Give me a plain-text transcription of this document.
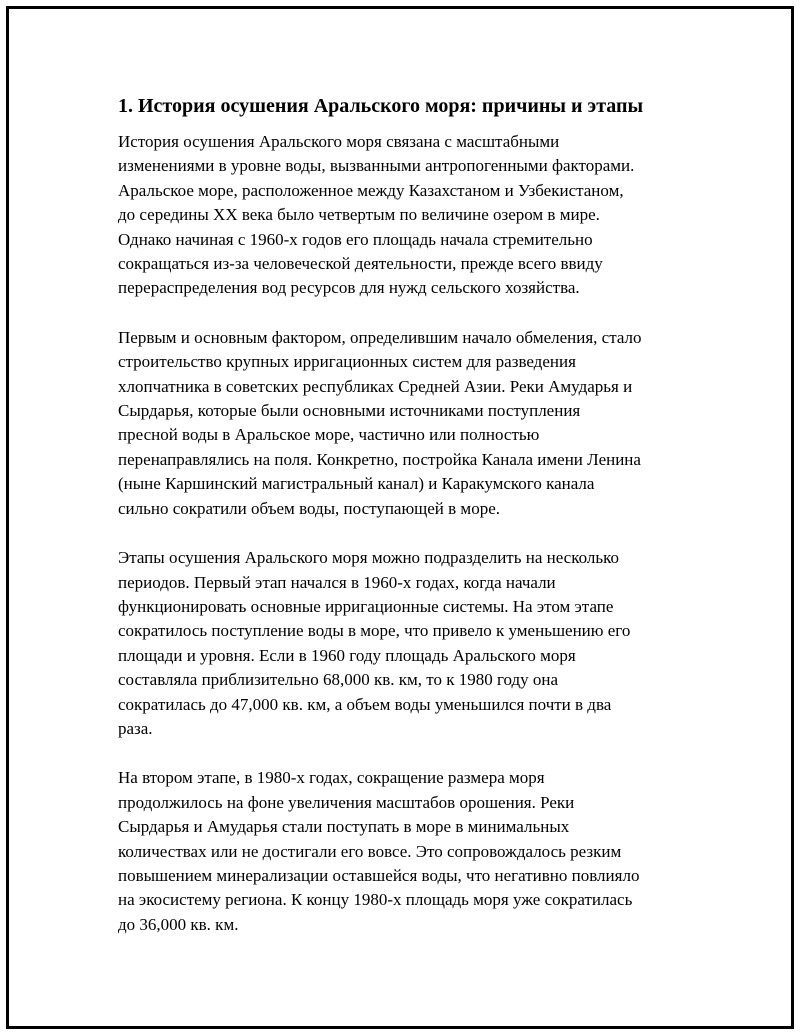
1. История осушения Аральского моря: причины и этапы
История осушения Аральского моря связана с масштабными
изменениями в уровне воды, вызванными антропогенными факторами.
Аральское море, расположенное между Казахстаном и Узбекистаном,
до середины XX века было четвертым по величине озером в мире.
Однако начиная с 1960-х годов его площадь начала стремительно
сокращаться из-за человеческой деятельности, прежде всего ввиду
перераспределения вод ресурсов для нужд сельского хозяйства.
Первым и основным фактором, определившим начало обмеления, стало
строительство крупных ирригационных систем для разведения
хлопчатника в советских республиках Средней Азии. Реки Амударья и
Сырдарья, которые были основными источниками поступления
пресной воды в Аральское море, частично или полностью
перенаправлялись на поля. Конкретно, постройка Канала имени Ленина
(ныне Каршинский магистральный канал) и Каракумского канала
сильно сократили объем воды, поступающей в море.
Этапы осушения Аральского моря можно подразделить на несколько
периодов. Первый этап начался в 1960-х годах, когда начали
функционировать основные ирригационные системы. На этом этапе
сократилось поступление воды в море, что привело к уменьшению его
площади и уровня. Если в 1960 году площадь Аральского моря
составляла приблизительно 68,000 кв. км, то к 1980 году она
сократилась до 47,000 кв. км, а объем воды уменьшился почти в два
раза.
На втором этапе, в 1980-х годах, сокращение размера моря
продолжилось на фоне увеличения масштабов орошения. Реки
Сырдарья и Амударья стали поступать в море в минимальных
количествах или не достигали его вовсе. Это сопровождалось резким
повышением минерализации оставшейся воды, что негативно повлияло
на экосистему региона. К концу 1980-х площадь моря уже сократилась
до 36,000 кв. км.
